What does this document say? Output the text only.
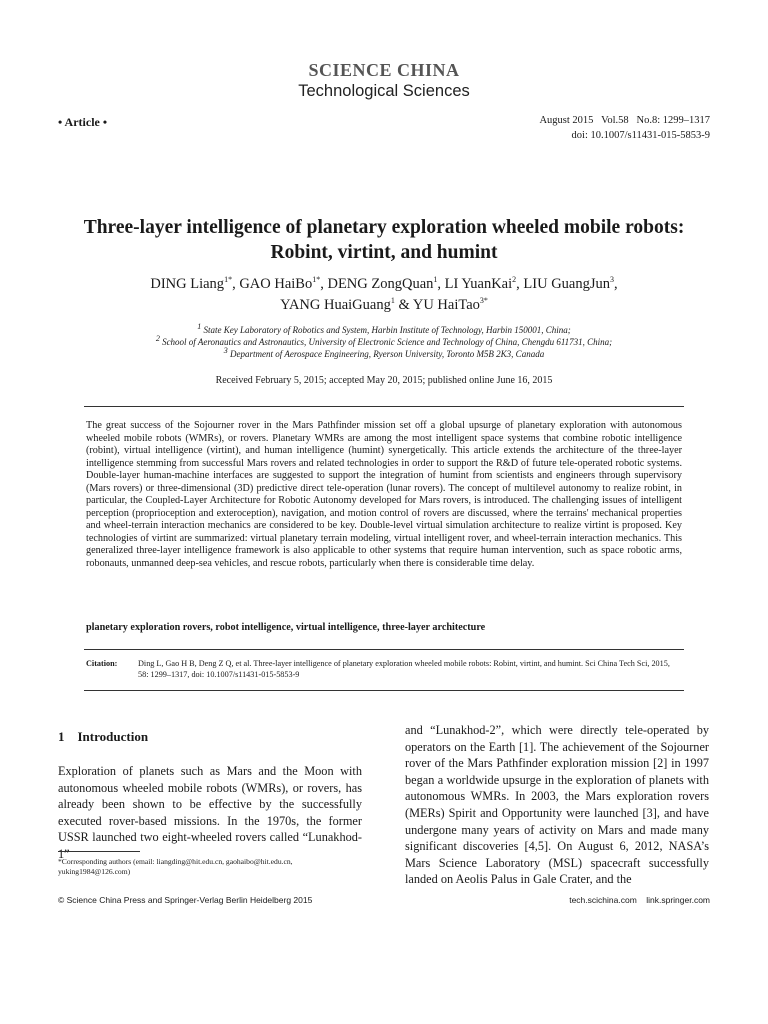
SCIENCE CHINA
Technological Sciences
• Article •	August 2015   Vol.58   No.8: 1299–1317
doi: 10.1007/s11431-015-5853-9
Three-layer intelligence of planetary exploration wheeled mobile robots: Robint, virtint, and humint
DING Liang$^{1*}$, GAO HaiBo$^{1*}$, DENG ZongQuan$^1$, LI YuanKai$^2$, LIU GuangJun$^3$,
YANG HuaiGuang$^1$ & YU HaiTao$^{3*}$
$^1$ State Key Laboratory of Robotics and System, Harbin Institute of Technology, Harbin 150001, China;
$^2$ School of Aeronautics and Astronautics, University of Electronic Science and Technology of China, Chengdu 611731, China;
$^3$ Department of Aerospace Engineering, Ryerson University, Toronto M5B 2K3, Canada
Received February 5, 2015; accepted May 20, 2015; published online June 16, 2015
The great success of the Sojourner rover in the Mars Pathfinder mission set off a global upsurge of planetary exploration with autonomous wheeled mobile robots (WMRs), or rovers. Planetary WMRs are among the most intelligent space systems that combine robotic intelligence (robint), virtual intelligence (virtint), and human intelligence (humint) synergetically. This article extends the architecture of the three-layer intelligence stemming from successful Mars rovers and related technologies in order to support the R&D of future tele-operated robotic systems. Double-layer human-machine interfaces are suggested to support the integration of humint from scientists and engineers through supervisory (Mars rovers) or three-dimensional (3D) predictive direct tele-operation (lunar rovers). The concept of multilevel autonomy to realize robint, in particular, the Coupled-Layer Architecture for Robotic Autonomy developed for Mars rovers, is introduced. The challenging issues of intelligent perception (proprioception and exteroception), navigation, and motion control of rovers are discussed, where the terrains' mechanical properties and wheel-terrain interaction mechanics are considered to be key. Double-level virtual simulation architecture to realize virtint is proposed. Key technologies of virtint are summarized: virtual planetary terrain modeling, virtual intelligent rover, and wheel-terrain interaction mechanics. This generalized three-layer intelligence framework is also applicable to other systems that require human intervention, such as space robotic arms, robonauts, unmanned deep-sea vehicles, and rescue robots, particularly when there is considerable time delay.
planetary exploration rovers, robot intelligence, virtual intelligence, three-layer architecture
Citation:	Ding L, Gao H B, Deng Z Q, et al. Three-layer intelligence of planetary exploration wheeled mobile robots: Robint, virtint, and humint. Sci China Tech Sci, 2015, 58: 1299–1317, doi: 10.1007/s11431-015-5853-9
1    Introduction
Exploration of planets such as Mars and the Moon with autonomous wheeled mobile robots (WMRs), or rovers, has already been shown to be effective by the successfully executed rover-based missions. In the 1970s, the former USSR launched two eight-wheeled rovers called “Lunakhod-1”
and “Lunakhod-2”, which were directly tele-operated by operators on the Earth [1]. The achievement of the Sojourner rover of the Mars Pathfinder exploration mission [2] in 1997 began a worldwide upsurge in the exploration of planets with autonomous WMRs. In 2003, the Mars exploration rovers (MERs) Spirit and Opportunity were launched [3], and have undergone many years of activity on Mars and made many significant discoveries [4,5]. On August 6, 2012, NASA’s Mars Science Laboratory (MSL) spacecraft successfully landed on Aeolis Palus in Gale Crater, and the
*Corresponding authors (email: liangding@hit.edu.cn, gaohaibo@hit.edu.cn, yuking1984@126.com)
© Science China Press and Springer-Verlag Berlin Heidelberg 2015	tech.scichina.com    link.springer.com
